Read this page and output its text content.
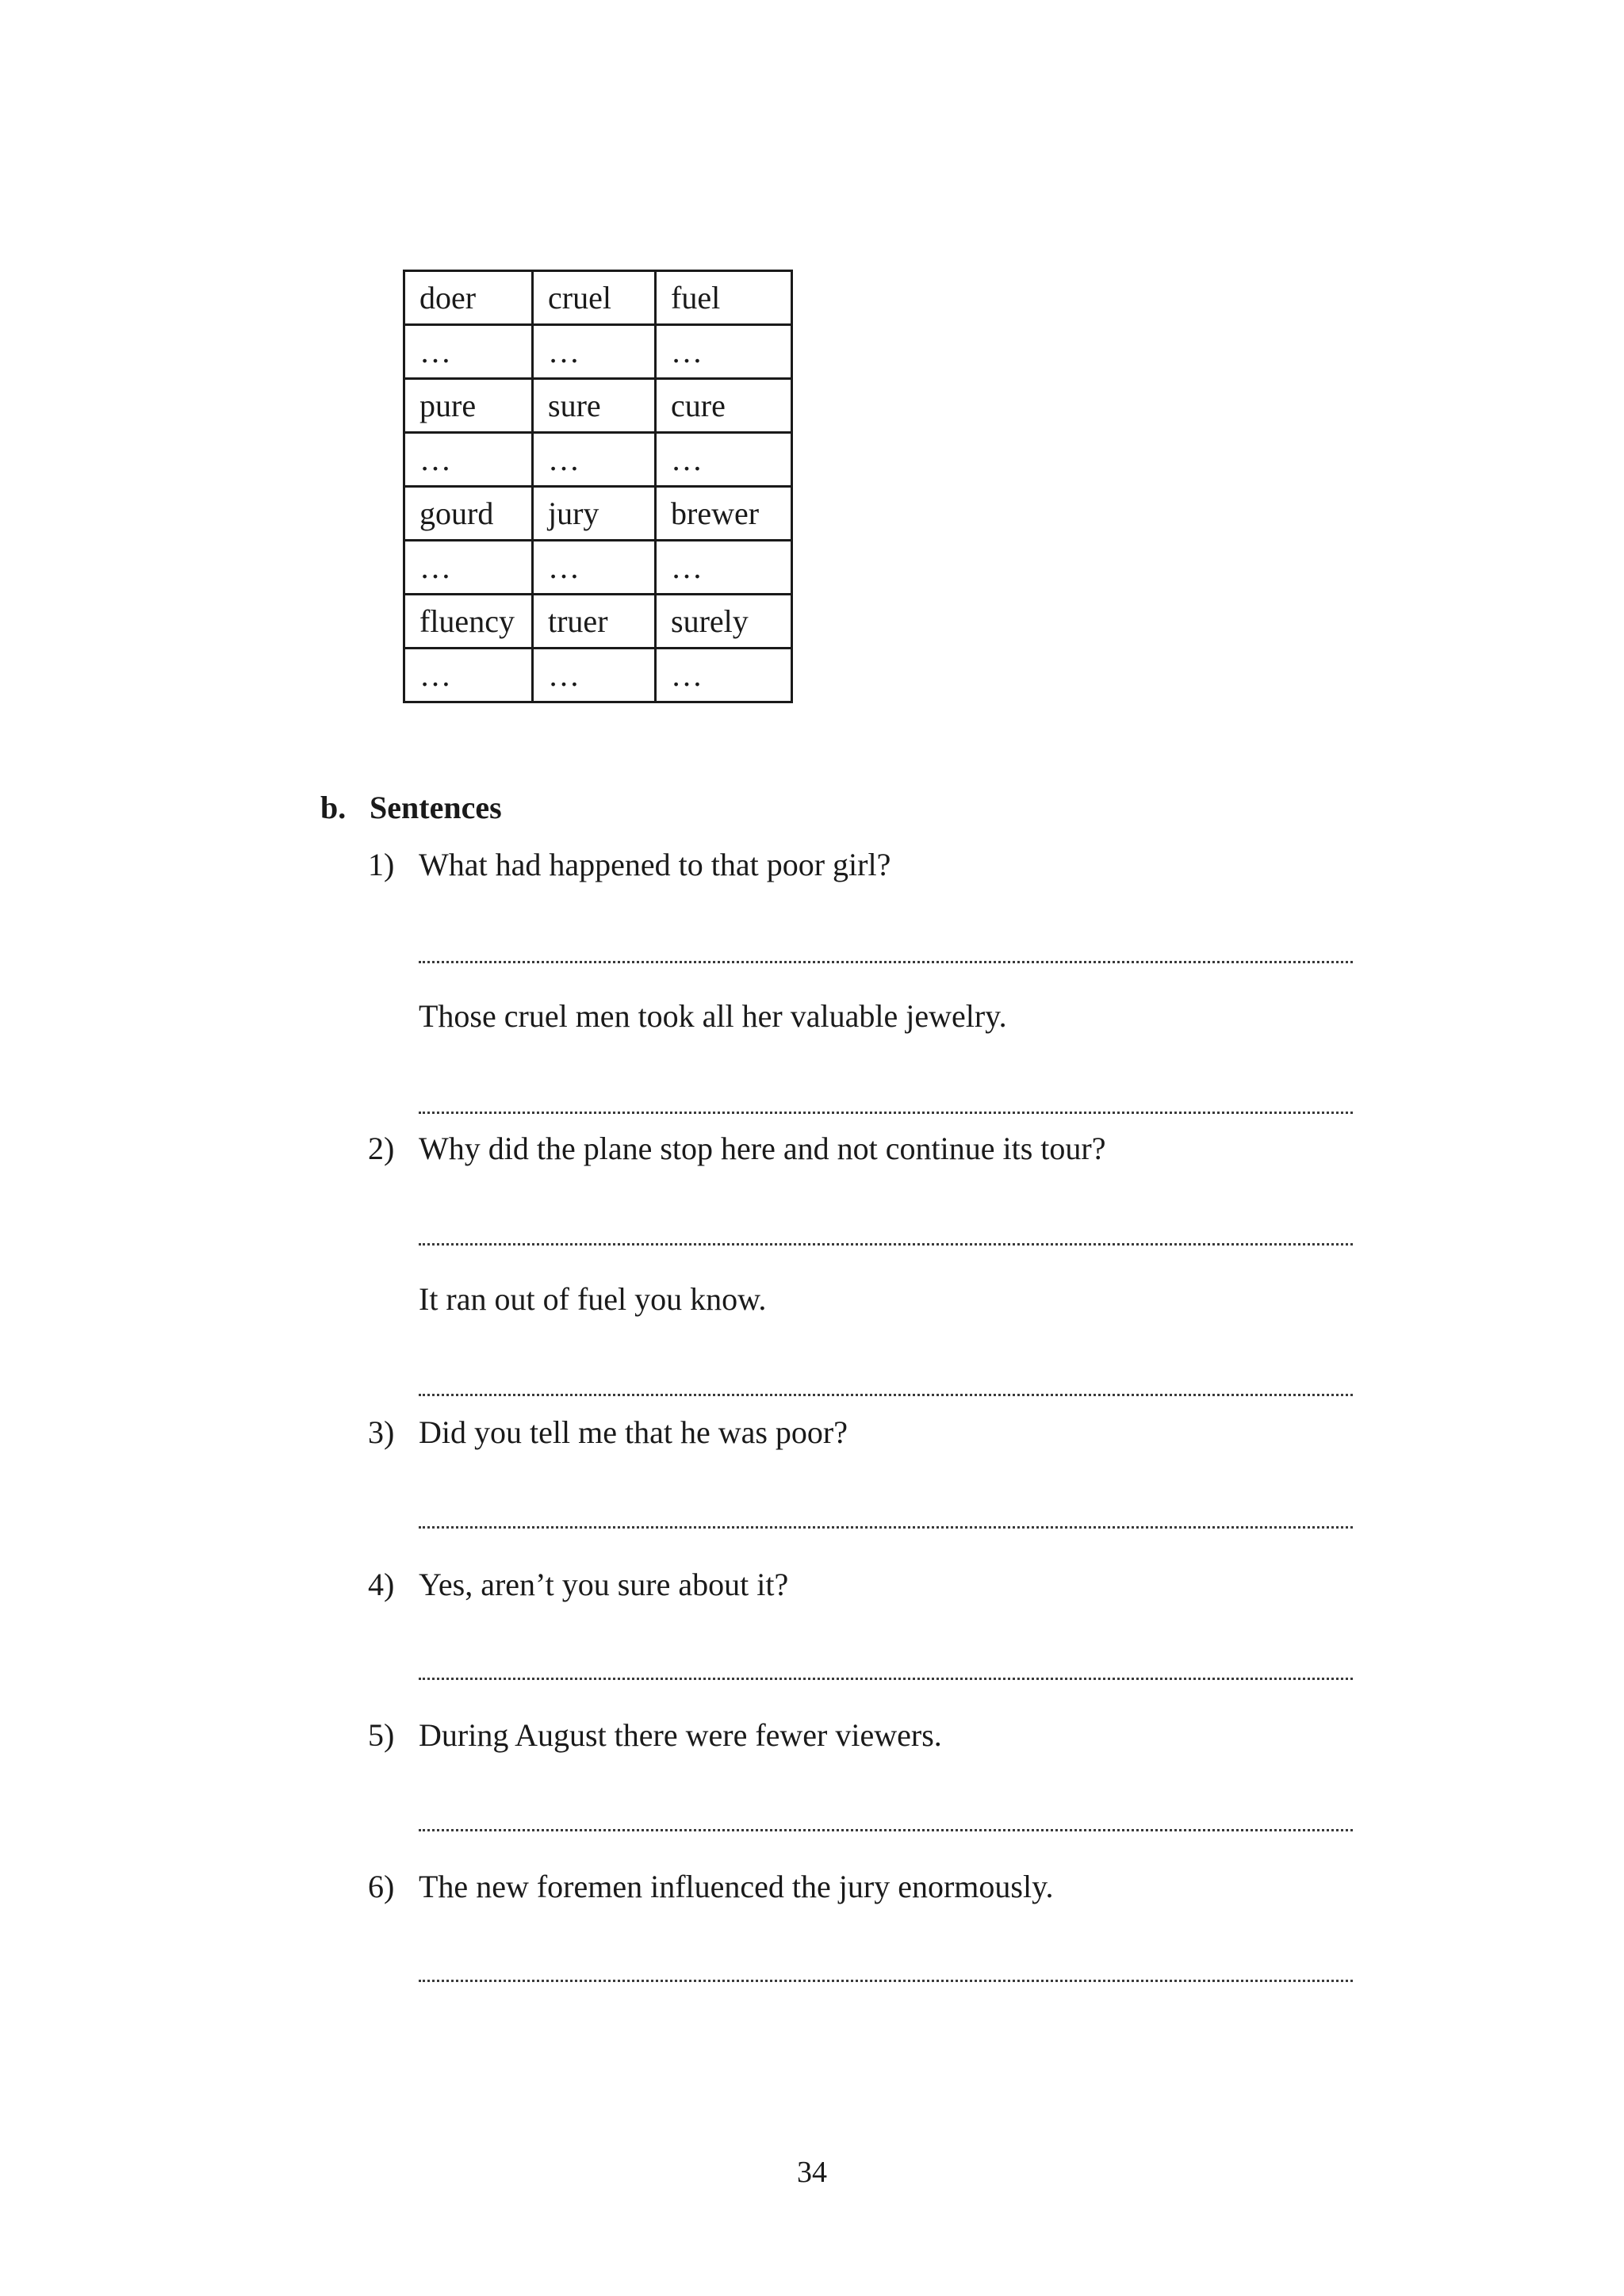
doer	cruel	fuel
…	…	…
pure	sure	cure
…	…	…
gourd	jury	brewer
…	…	…
fluency	truer	surely
…	…	…
b. Sentences
1) What had happened to that poor girl?
Those cruel men took all her valuable jewelry.
2) Why did the plane stop here and not continue its tour?
It ran out of fuel you know.
3) Did you tell me that he was poor?
4) Yes, aren’t you sure about it?
5) During August there were fewer viewers.
6) The new foremen influenced the jury enormously.
34
